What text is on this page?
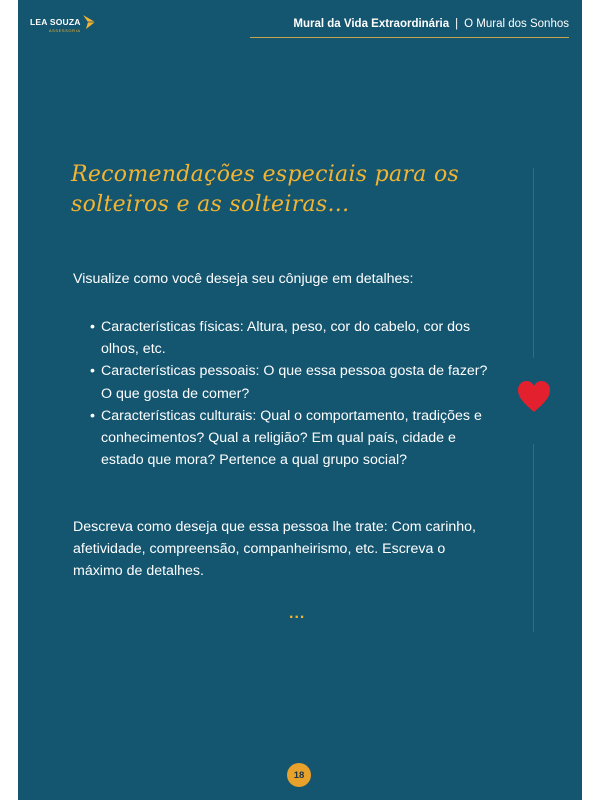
LEA SOUZA
ASSESSORIA
Mural da Vida Extraordinária | O Mural dos Sonhos
Recomendações especiais para os
solteiros e as solteiras...
Visualize como você deseja seu cônjuge em detalhes:
• Características físicas: Altura, peso, cor do cabelo, cor dos olhos, etc.
• Características pessoais: O que essa pessoa gosta de fazer? O que gosta de comer?
• Características culturais: Qual o comportamento, tradições e conhecimentos? Qual a religião? Em qual país, cidade e estado que mora? Pertence a qual grupo social?
Descreva como deseja que essa pessoa lhe trate: Com carinho, afetividade, compreensão, companheirismo, etc. Escreva o máximo de detalhes.
...
18
